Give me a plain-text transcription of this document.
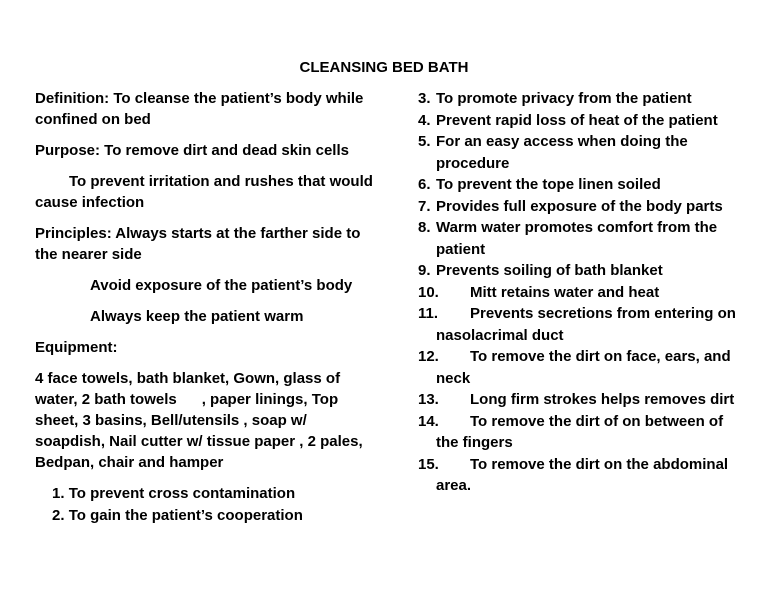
CLEANSING BED BATH

Definition: To cleanse the patient’s body while confined on bed

Purpose: To remove dirt and dead skin cells

To prevent irritation and rushes that would cause infection

Principles: Always starts at the farther side to the nearer side

Avoid exposure of the patient’s body

Always keep the patient warm

Equipment:

4 face towels, bath blanket, Gown, glass of water, 2 bath towels      , paper linings, Top sheet, 3 basins, Bell/utensils , soap w/ soapdish, Nail cutter w/ tissue paper , 2 pales, Bedpan, chair and hamper

1. To prevent cross contamination
2. To gain the patient’s cooperation
3. To promote privacy from the patient
4. Prevent rapid loss of heat of the patient
5. For an easy access when doing the procedure
6. To prevent the tope linen soiled
7. Provides full exposure of the body parts
8. Warm water promotes comfort from the patient
9. Prevents soiling of bath blanket
10. Mitt retains water and heat
11. Prevents secretions from entering on nasolacrimal duct
12. To remove the dirt on face, ears, and neck
13. Long firm strokes helps removes dirt
14. To remove the dirt of on between of the fingers
15. To remove the dirt on the abdominal area.
